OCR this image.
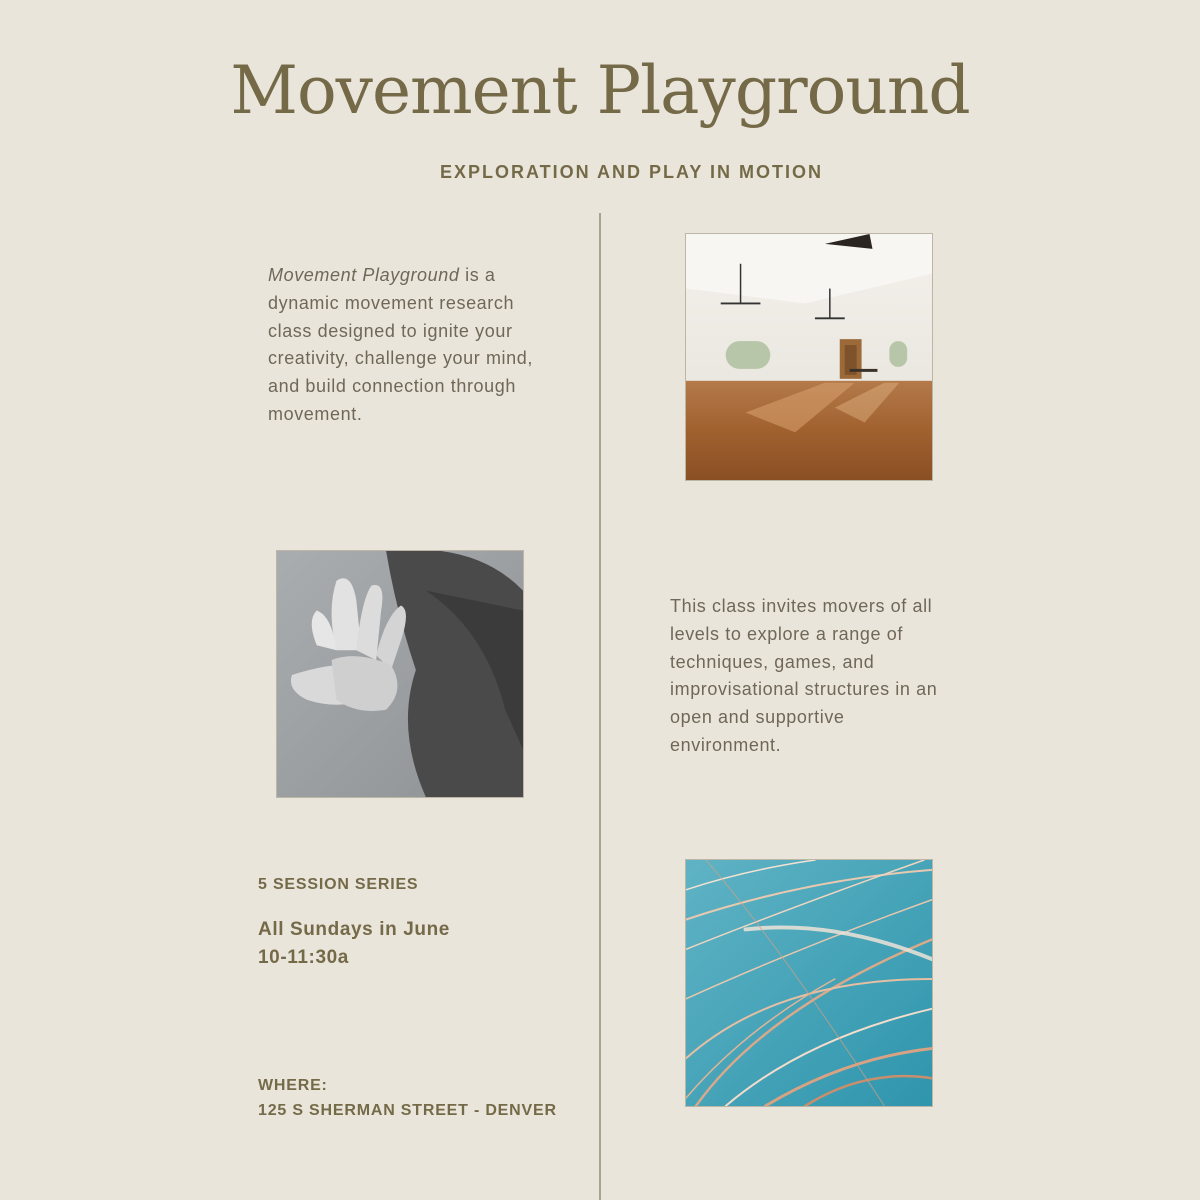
Movement Playground
EXPLORATION AND PLAY IN MOTION

Movement Playground is a dynamic movement research class designed to ignite your creativity, challenge your mind, and build connection through movement.

This class invites movers of all levels to explore a range of techniques, games, and improvisational structures in an open and supportive environment.

5 SESSION SERIES
All Sundays in June
10-11:30a
WHERE:
125 S SHERMAN STREET - DENVER
